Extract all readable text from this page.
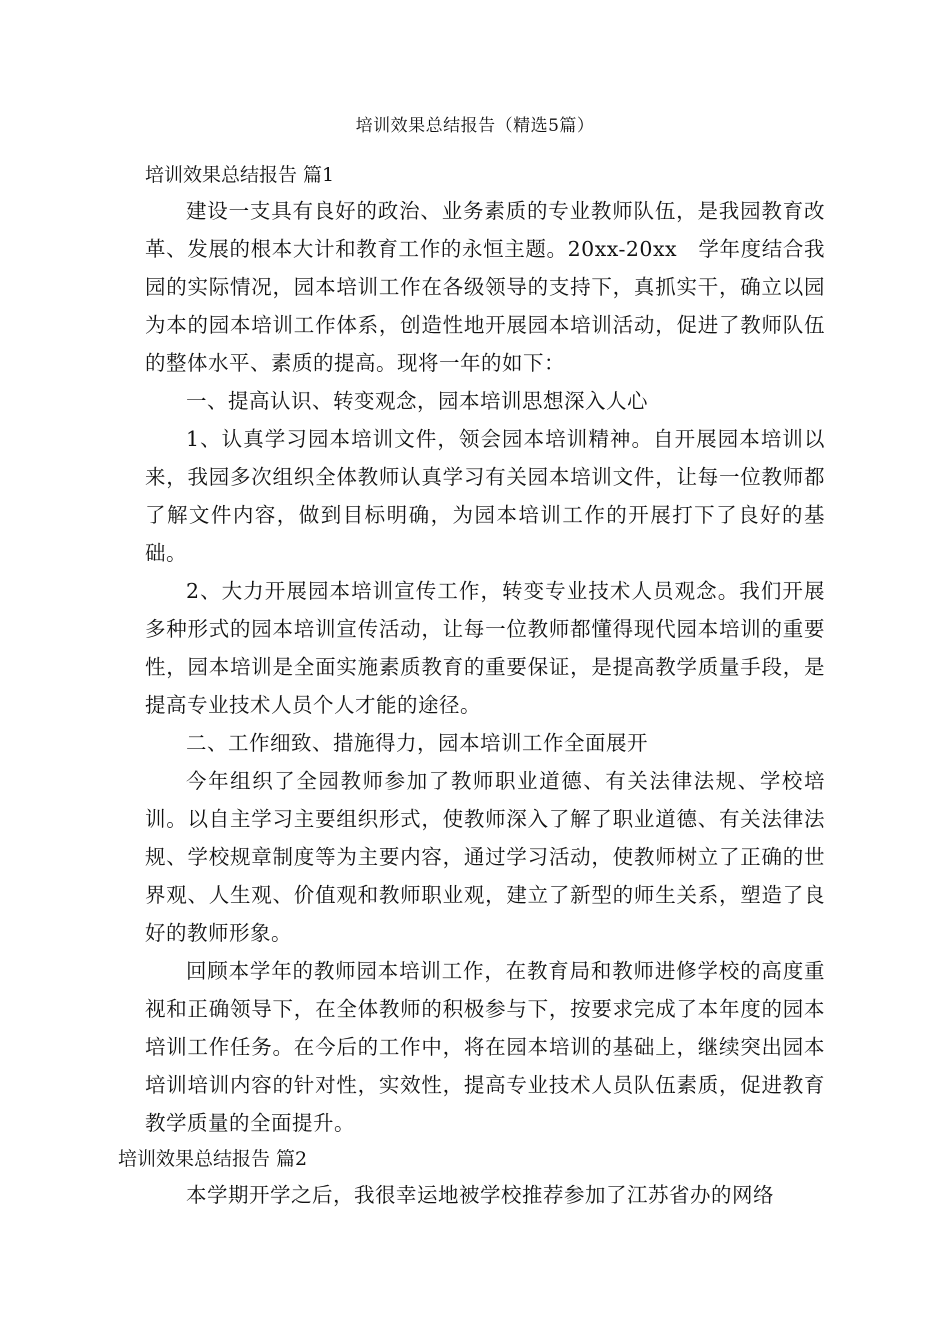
培训效果总结报告（精选5篇）
培训效果总结报告 篇1

建设一支具有良好的政治、业务素质的专业教师队伍，是我园教育改革、发展的根本大计和教育工作的永恒主题。20xx-20xx　学年度结合我园的实际情况，园本培训工作在各级领导的支持下，真抓实干，确立以园为本的园本培训工作体系，创造性地开展园本培训活动，促进了教师队伍的整体水平、素质的提高。现将一年的如下：

一、提高认识、转变观念，园本培训思想深入人心

1、认真学习园本培训文件，领会园本培训精神。自开展园本培训以来，我园多次组织全体教师认真学习有关园本培训文件，让每一位教师都了解文件内容，做到目标明确，为园本培训工作的开展打下了良好的基础。

2、大力开展园本培训宣传工作，转变专业技术人员观念。我们开展多种形式的园本培训宣传活动，让每一位教师都懂得现代园本培训的重要性，园本培训是全面实施素质教育的重要保证，是提高教学质量手段，是提高专业技术人员个人才能的途径。

二、工作细致、措施得力，园本培训工作全面展开

今年组织了全园教师参加了教师职业道德、有关法律法规、学校培训。以自主学习主要组织形式，使教师深入了解了职业道德、有关法律法规、学校规章制度等为主要内容，通过学习活动，使教师树立了正确的世界观、人生观、价值观和教师职业观，建立了新型的师生关系，塑造了良好的教师形象。

回顾本学年的教师园本培训工作，在教育局和教师进修学校的高度重视和正确领导下，在全体教师的积极参与下，按要求完成了本年度的园本培训工作任务。在今后的工作中，将在园本培训的基础上，继续突出园本培训培训内容的针对性，实效性，提高专业技术人员队伍素质，促进教育教学质量的全面提升。

培训效果总结报告 篇2

本学期开学之后，我很幸运地被学校推荐参加了江苏省办的网络
